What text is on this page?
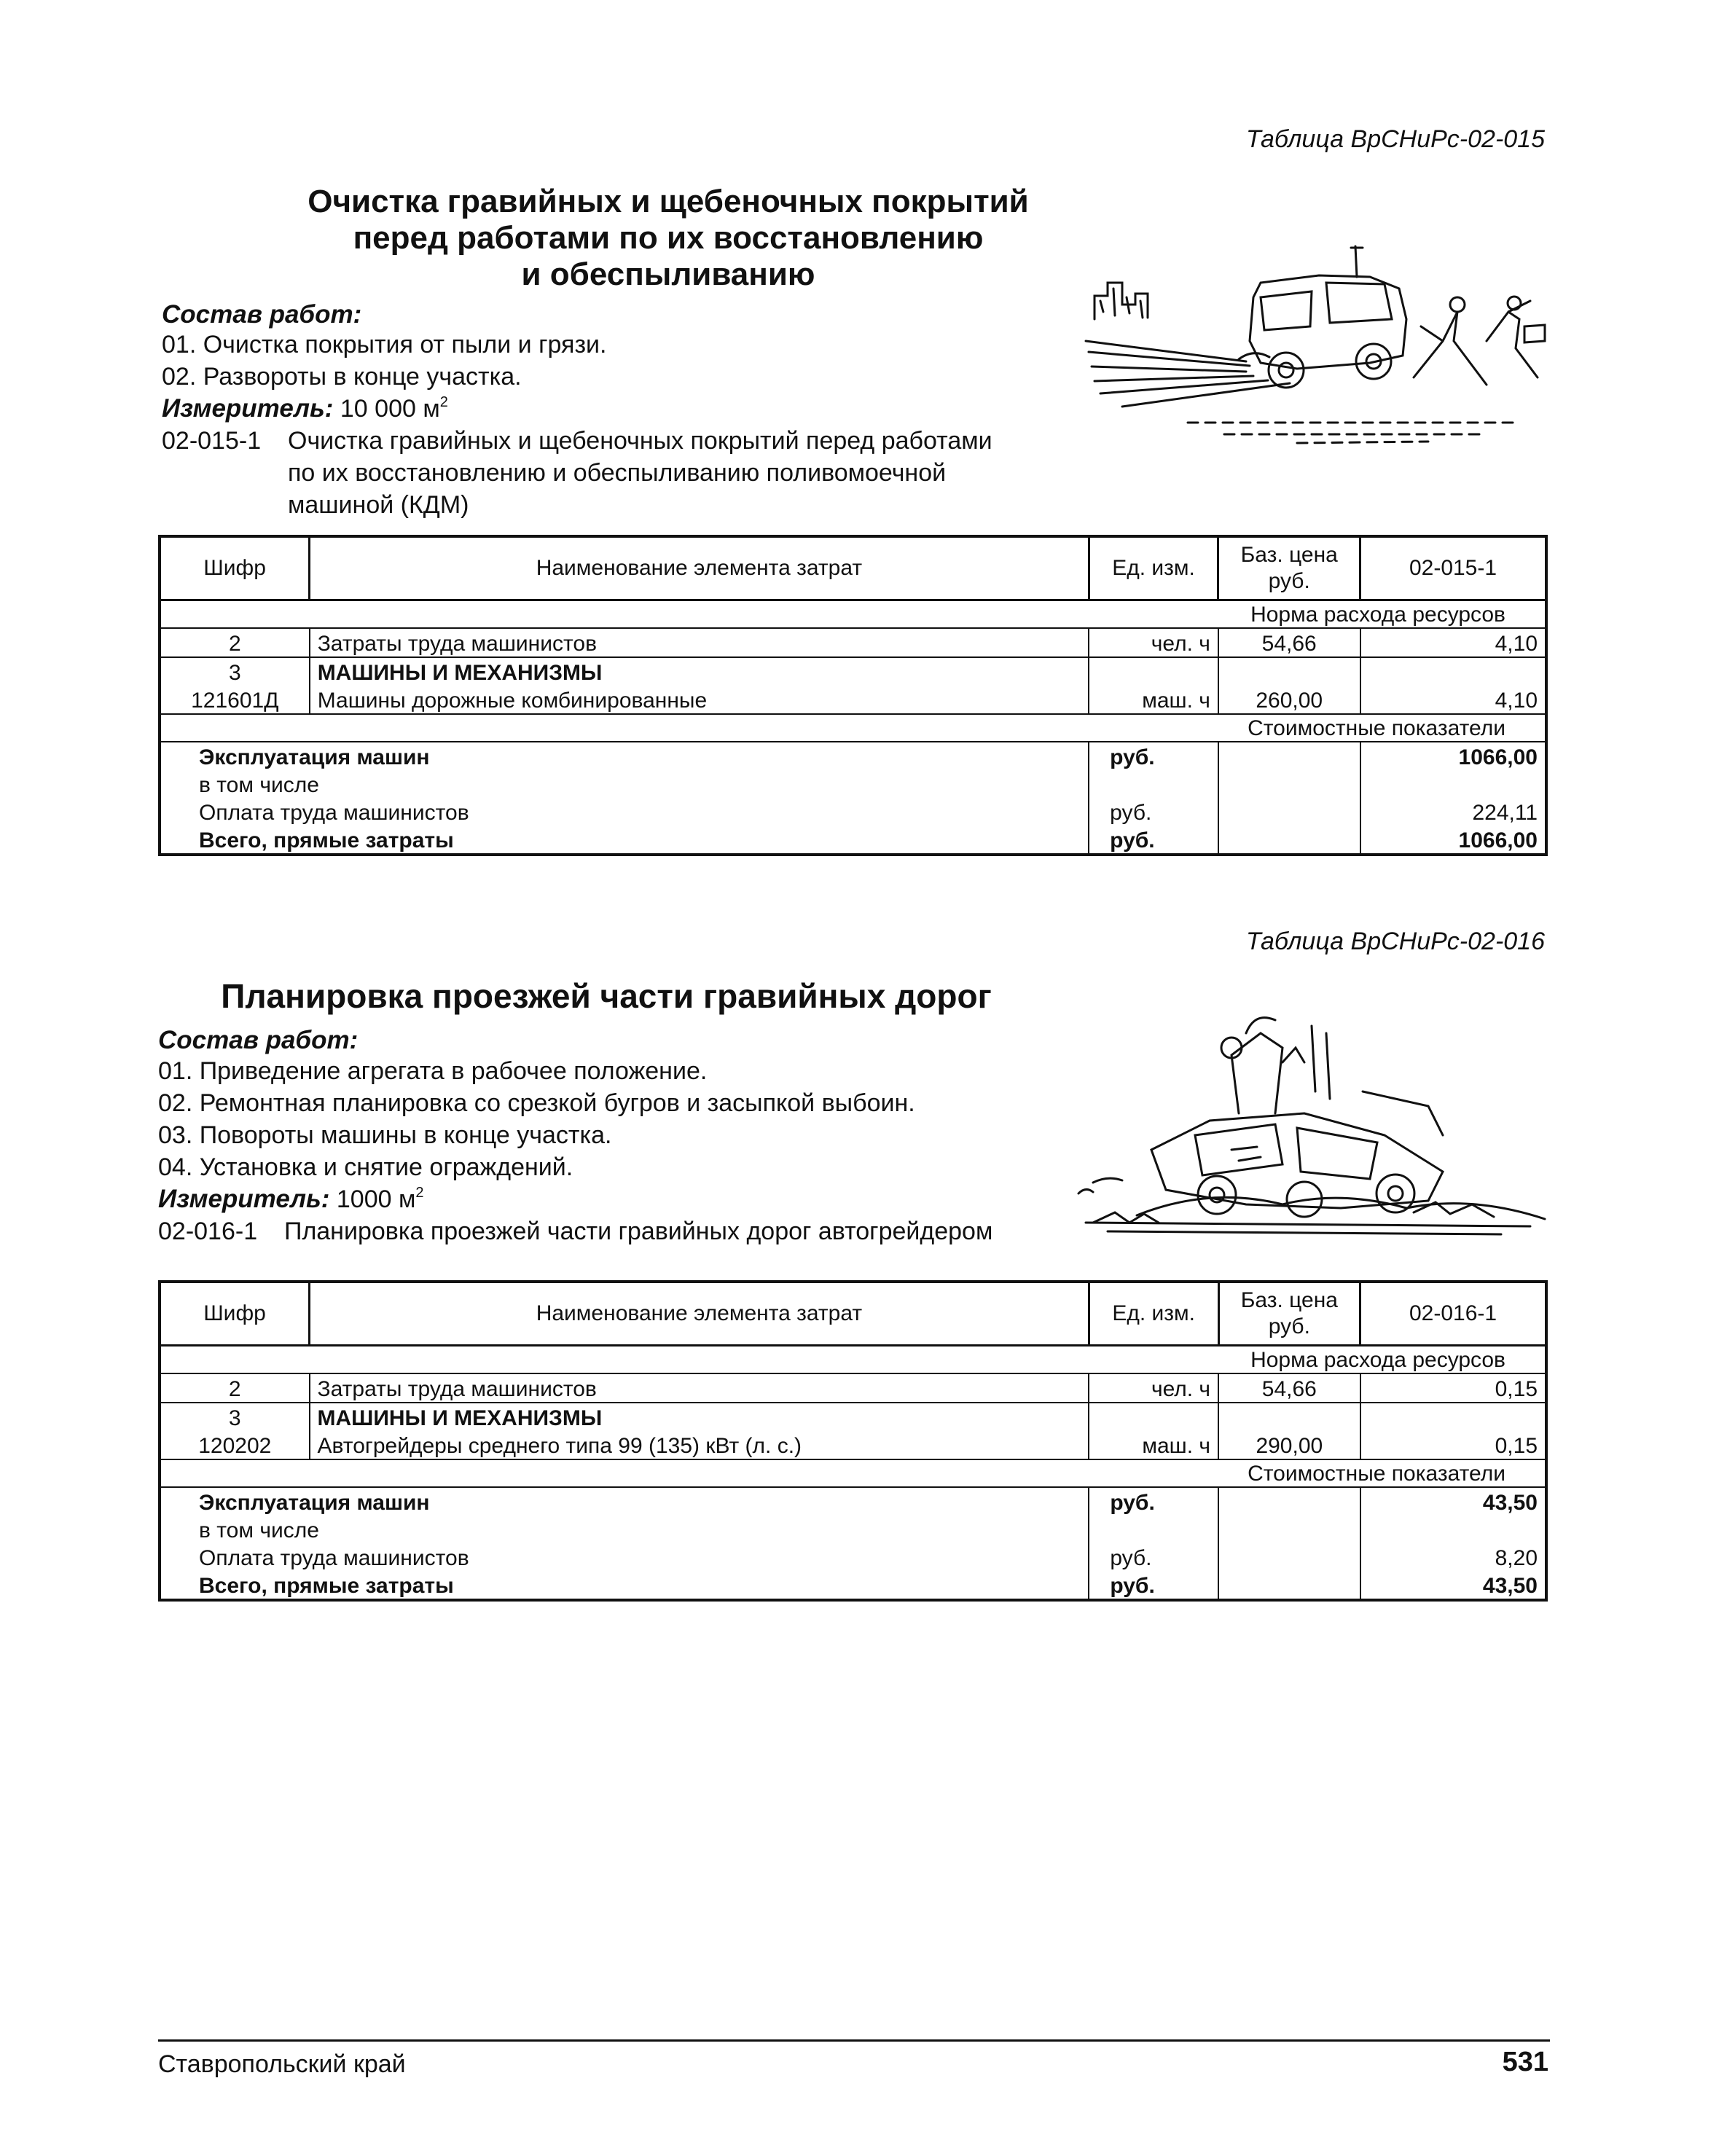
Таблица ВрСНиРс-02-015
Очистка гравийных и щебеночных покрытий
перед работами по их восстановлению
и обеспыливанию
Состав работ:
01. Очистка покрытия от пыли и грязи.
02. Развороты в конце участка.
Измеритель: 10 000 $м^2$
02-015-1 Очистка гравийных и щебеночных покрытий перед работами
по их восстановлению и обеспыливанию поливомоечной
машиной (КДМ)
Шифр	Наименование элемента затрат	Ед. изм.	Баз. цена руб.	02-015-1
Норма расхода ресурсов				
2	Затраты труда машинистов	чел. ч	54,66	4,10
3	МАШИНЫ И МЕХАНИЗМЫ			
121601Д	Машины дорожные комбинированные	маш. ч	260,00	4,10
Стоимостные показатели				
Эксплуатация машин		руб.		1066,00
в том числе				
Оплата труда машинистов		руб.		224,11
Всего, прямые затраты		руб.		1066,00
Таблица ВрСНиРс-02-016
Планировка проезжей части гравийных дорог
Состав работ:
01. Приведение агрегата в рабочее положение.
02. Ремонтная планировка со срезкой бугров и засыпкой выбоин.
03. Повороты машины в конце участка.
04. Установка и снятие ограждений.
Измеритель: 1000 $м^2$
02-016-1 Планировка проезжей части гравийных дорог автогрейдером
Шифр	Наименование элемента затрат	Ед. изм.	Баз. цена руб.	02-016-1
Норма расхода ресурсов				
2	Затраты труда машинистов	чел. ч	54,66	0,15
3	МАШИНЫ И МЕХАНИЗМЫ			
120202	Автогрейдеры среднего типа 99 (135) кВт (л. с.)	маш. ч	290,00	0,15
Стоимостные показатели				
Эксплуатация машин		руб.		43,50
в том числе				
Оплата труда машинистов		руб.		8,20
Всего, прямые затраты		руб.		43,50
Ставропольский край	531
